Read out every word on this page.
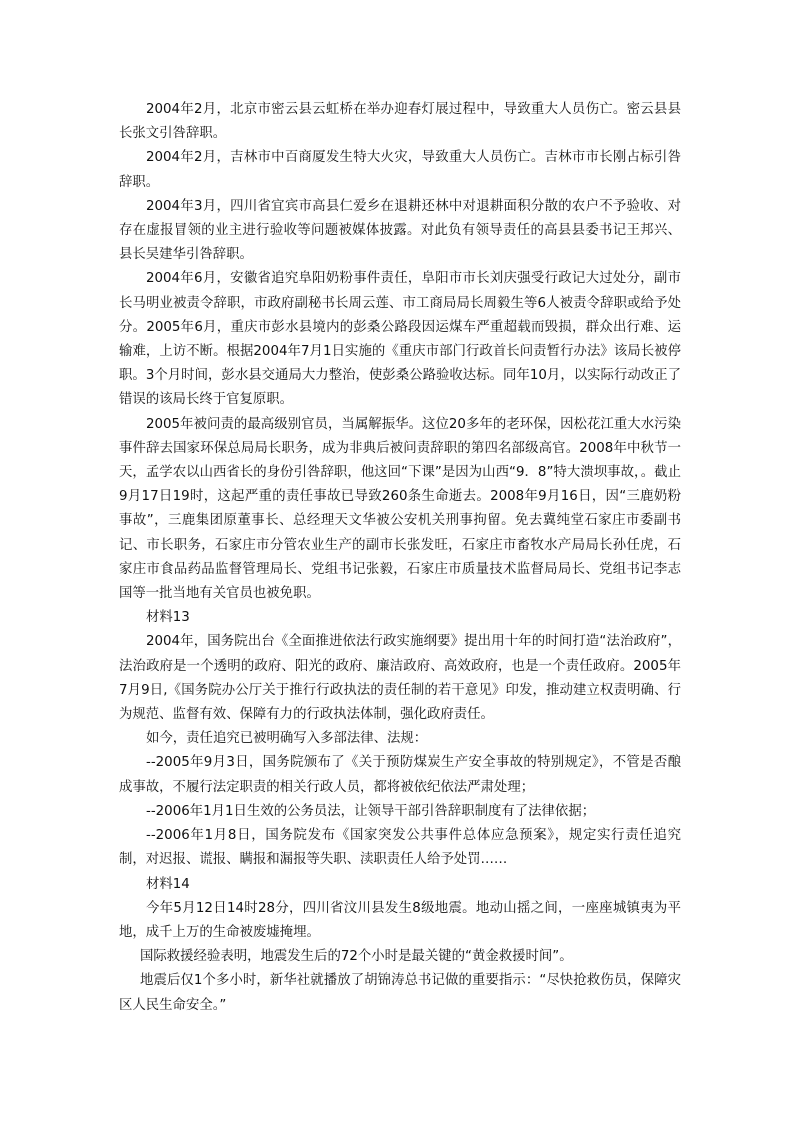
2004年2月，北京市密云县云虹桥在举办迎春灯展过程中，导致重大人员伤亡。密云县县长张文引咎辞职。

2004年2月，吉林市中百商厦发生特大火灾，导致重大人员伤亡。吉林市市长刚占标引咎辞职。

2004年3月，四川省宜宾市高县仁爱乡在退耕还林中对退耕面积分散的农户不予验收、对存在虚报冒领的业主进行验收等问题被媒体披露。对此负有领导责任的高县县委书记王邦兴、县长吴建华引咎辞职。

2004年6月，安徽省追究阜阳奶粉事件责任，阜阳市市长刘庆强受行政记大过处分，副市长马明业被责令辞职，市政府副秘书长周云莲、市工商局局长周毅生等6人被责令辞职或给予处分。2005年6月，重庆市彭水县境内的彭桑公路段因运煤车严重超载而毁损，群众出行难、运输难，上访不断。根据2004年7月1日实施的《重庆市部门行政首长问责暂行办法》该局长被停职。3个月时间，彭水县交通局大力整治，使彭桑公路验收达标。同年10月，以实际行动改正了错误的该局长终于官复原职。

2005年被问责的最高级别官员，当属解振华。这位20多年的老环保，因松花江重大水污染事件辞去国家环保总局局长职务，成为非典后被问责辞职的第四名部级高官。2008年中秋节一天，孟学农以山西省长的身份引咎辞职，他这回“下课”是因为山西“9．8”特大溃坝事故，。截止9月17日19时，这起严重的责任事故已导致260条生命逝去。2008年9月16日，因“三鹿奶粉事故”，三鹿集团原董事长、总经理天文华被公安机关刑事拘留。免去冀纯堂石家庄市委副书记、市长职务，石家庄市分管农业生产的副市长张发旺，石家庄市畜牧水产局局长孙任虎，石家庄市食品药品监督管理局长、党组书记张毅，石家庄市质量技术监督局局长、党组书记李志国等一批当地有关官员也被免职。

材料13

2004年，国务院出台《全面推进依法行政实施纲要》提出用十年的时间打造“法治政府”，法治政府是一个透明的政府、阳光的政府、廉洁政府、高效政府，也是一个责任政府。2005年7月9日,《国务院办公厅关于推行行政执法的责任制的若干意见》印发，推动建立权责明确、行为规范、监督有效、保障有力的行政执法体制，强化政府责任。

如今，责任追究已被明确写入多部法律、法规：

--2005年9月3日，国务院颁布了《关于预防煤炭生产安全事故的特别规定》，不管是否酿成事故，不履行法定职责的相关行政人员，都将被依纪依法严肃处理；

--2006年1月1日生效的公务员法，让领导干部引咎辞职制度有了法律依据；

--2006年1月8日，国务院发布《国家突发公共事件总体应急预案》，规定实行责任追究制，对迟报、谎报、瞒报和漏报等失职、渎职责任人给予处罚……

材料14

今年5月12日14时28分，四川省汶川县发生8级地震。地动山摇之间，一座座城镇夷为平地，成千上万的生命被废墟掩埋。

国际救援经验表明，地震发生后的72个小时是最关键的“黄金救援时间”。

地震后仅1个多小时，新华社就播放了胡锦涛总书记做的重要指示：“尽快抢救伤员，保障灾区人民生命安全。”
